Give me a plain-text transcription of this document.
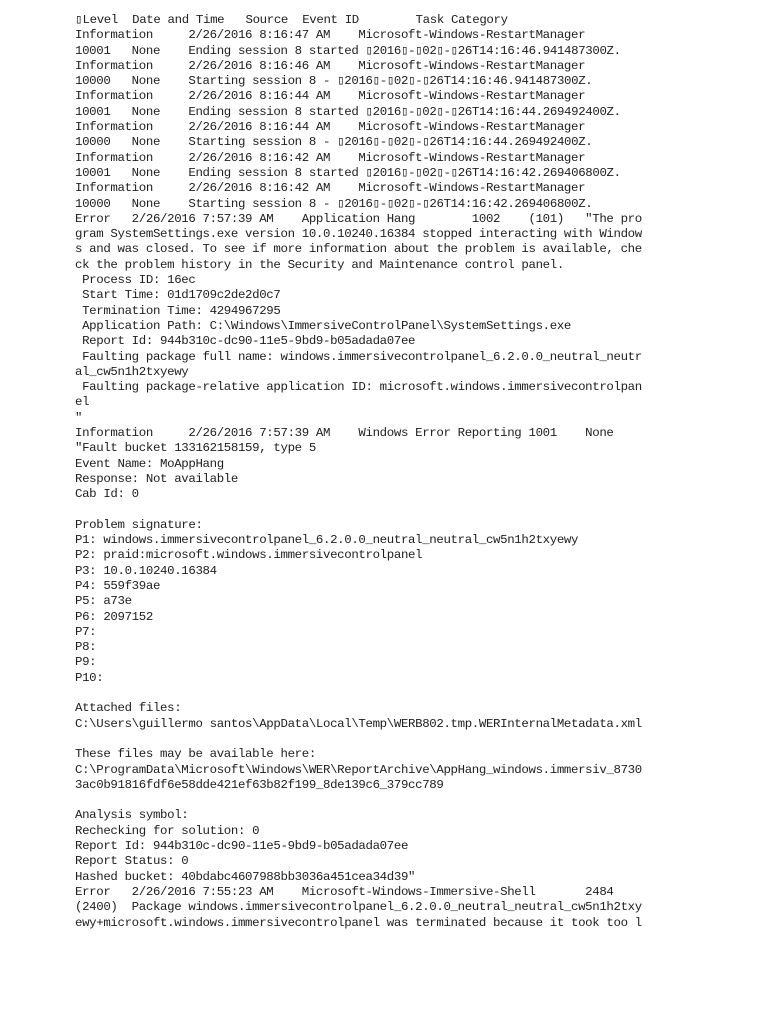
▯ Level  Date and Time   Source  Event ID        Task Category
Information     2/26/2016 8:16:47 AM    Microsoft-Windows-RestartManager
10001   None    Ending session 8 started ▯2016▯-▯02▯-▯26T14:16:46.941487300Z.
Information     2/26/2016 8:16:46 AM    Microsoft-Windows-RestartManager
10000   None    Starting session 8 - ▯2016▯-▯02▯-▯26T14:16:46.941487300Z.
Information     2/26/2016 8:16:44 AM    Microsoft-Windows-RestartManager
10001   None    Ending session 8 started ▯2016▯-▯02▯-▯26T14:16:44.269492400Z.
Information     2/26/2016 8:16:44 AM    Microsoft-Windows-RestartManager
10000   None    Starting session 8 - ▯2016▯-▯02▯-▯26T14:16:44.269492400Z.
Information     2/26/2016 8:16:42 AM    Microsoft-Windows-RestartManager
10001   None    Ending session 8 started ▯2016▯-▯02▯-▯26T14:16:42.269406800Z.
Information     2/26/2016 8:16:42 AM    Microsoft-Windows-RestartManager
10000   None    Starting session 8 - ▯2016▯-▯02▯-▯26T14:16:42.269406800Z.
Error   2/26/2016 7:57:39 AM    Application Hang        1002    (101)   "The pro
gram SystemSettings.exe version 10.0.10240.16384 stopped interacting with Window
s and was closed. To see if more information about the problem is available, che
ck the problem history in the Security and Maintenance control panel.
Process ID: 16ec
Start Time: 01d1709c2de2d0c7
Termination Time: 4294967295
Application Path: C:\Windows\ImmersiveControlPanel\SystemSettings.exe
Report Id: 944b310c-dc90-11e5-9bd9-b05adada07ee
Faulting package full name: windows.immersivecontrolpanel_6.2.0.0_neutral_neutr
al_cw5n1h2txyewy
Faulting package-relative application ID: microsoft.windows.immersivecontrolpan
el
"
Information     2/26/2016 7:57:39 AM    Windows Error Reporting 1001    None
"Fault bucket 133162158159, type 5
Event Name: MoAppHang
Response: Not available
Cab Id: 0
Problem signature:
P1: windows.immersivecontrolpanel_6.2.0.0_neutral_neutral_cw5n1h2txyewy
P2: praid:microsoft.windows.immersivecontrolpanel
P3: 10.0.10240.16384
P4: 559f39ae
P5: a73e
P6: 2097152
P7:
P8:
P9:
P10:
Attached files:
C:\Users\guillermo santos\AppData\Local\Temp\WERB802.tmp.WERInternalMetadata.xml
These files may be available here:
C:\ProgramData\Microsoft\Windows\WER\ReportArchive\AppHang_windows.immersiv_8730
3ac0b91816fdf6e58dde421ef63b82f199_8de139c6_379cc789
Analysis symbol:
Rechecking for solution: 0
Report Id: 944b310c-dc90-11e5-9bd9-b05adada07ee
Report Status: 0
Hashed bucket: 40bdabc4607988bb3036a451cea34d39"
Error   2/26/2016 7:55:23 AM    Microsoft-Windows-Immersive-Shell       2484
(2400)  Package windows.immersivecontrolpanel_6.2.0.0_neutral_neutral_cw5n1h2txy
ewy+microsoft.windows.immersivecontrolpanel was terminated because it took too l
